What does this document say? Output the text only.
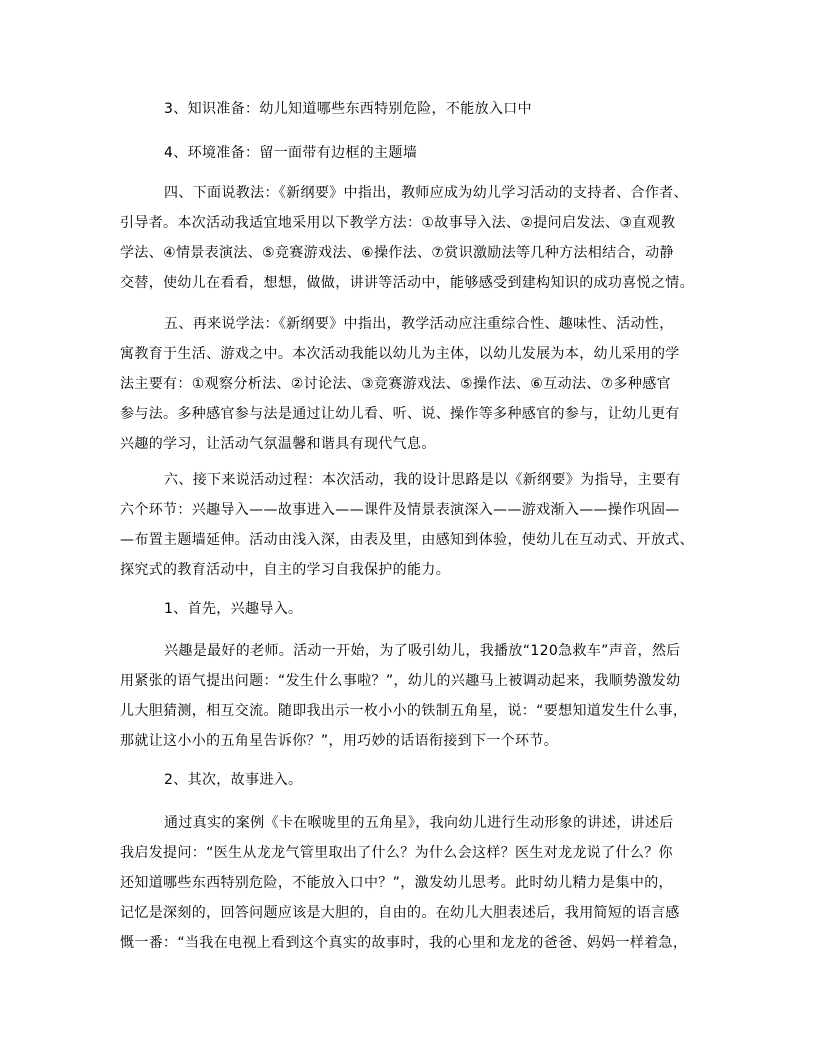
3、知识准备：幼儿知道哪些东西特别危险，不能放入口中

4、环境准备：留一面带有边框的主题墙

四、下面说教法：《新纲要》中指出，教师应成为幼儿学习活动的支持者、合作者、
引导者。本次活动我适宜地采用以下教学方法：①故事导入法、②提问启发法、③直观教
学法、④情景表演法、⑤竞赛游戏法、⑥操作法、⑦赏识激励法等几种方法相结合，动静
交替，使幼儿在看看，想想，做做，讲讲等活动中，能够感受到建构知识的成功喜悦之情。

五、再来说学法：《新纲要》中指出，教学活动应注重综合性、趣味性、活动性，
寓教育于生活、游戏之中。本次活动我能以幼儿为主体，以幼儿发展为本，幼儿采用的学
法主要有：①观察分析法、②讨论法、③竞赛游戏法、⑤操作法、⑥互动法、⑦多种感官
参与法。多种感官参与法是通过让幼儿看、听、说、操作等多种感官的参与，让幼儿更有
兴趣的学习，让活动气氛温馨和谐具有现代气息。

六、接下来说活动过程：本次活动，我的设计思路是以《新纲要》为指导，主要有
六个环节：兴趣导入——故事进入——课件及情景表演深入——游戏渐入——操作巩固—
—布置主题墙延伸。活动由浅入深，由表及里，由感知到体验，使幼儿在互动式、开放式、
探究式的教育活动中，自主的学习自我保护的能力。

1、首先，兴趣导入。

兴趣是最好的老师。活动一开始，为了吸引幼儿，我播放“120急救车”声音，然后
用紧张的语气提出问题：“发生什么事啦？”，幼儿的兴趣马上被调动起来，我顺势激发幼
儿大胆猜测，相互交流。随即我出示一枚小小的铁制五角星，说：“要想知道发生什么事，
那就让这小小的五角星告诉你？”，用巧妙的话语衔接到下一个环节。

2、其次，故事进入。

通过真实的案例《卡在喉咙里的五角星》，我向幼儿进行生动形象的讲述，讲述后
我启发提问：“医生从龙龙气管里取出了什么？为什么会这样？医生对龙龙说了什么？你
还知道哪些东西特别危险，不能放入口中？”，激发幼儿思考。此时幼儿精力是集中的，
记忆是深刻的，回答问题应该是大胆的，自由的。在幼儿大胆表述后，我用简短的语言感
慨一番：“当我在电视上看到这个真实的故事时，我的心里和龙龙的爸爸、妈妈一样着急，
